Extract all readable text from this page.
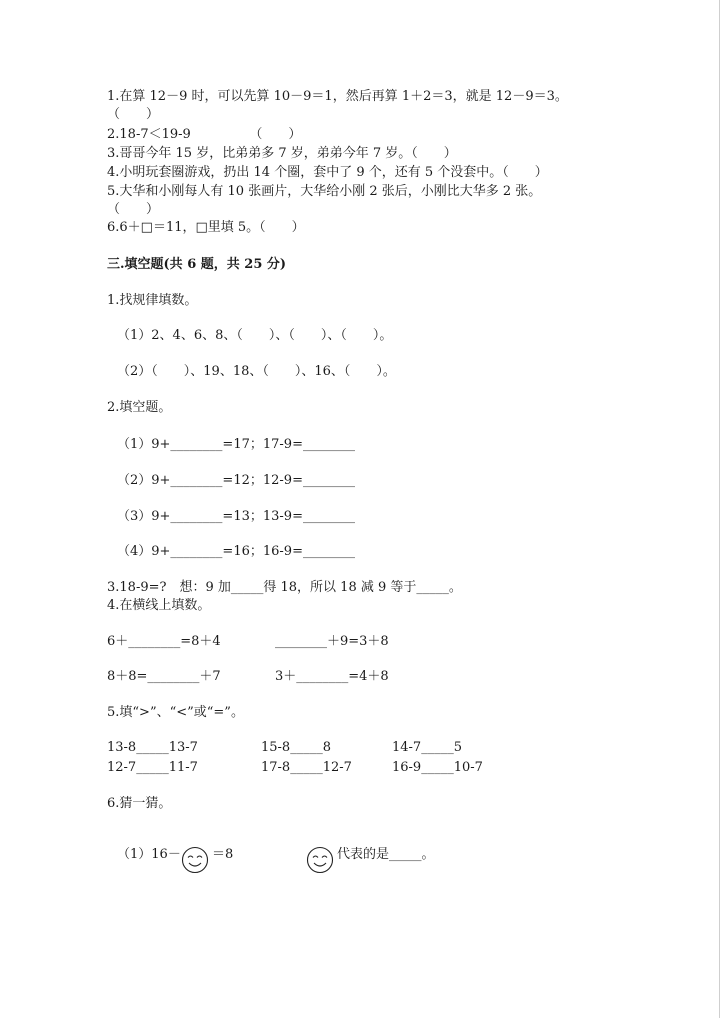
1.在算 12－9 时，可以先算 10－9＝1，然后再算 1＋2＝3，就是 12－9＝3。
（　　）
2.18-7＜19-9　　　　　（　　）
3.哥哥今年 15 岁，比弟弟多 7 岁，弟弟今年 7 岁。（　　）
4.小明玩套圈游戏，扔出 14 个圈，套中了 9 个，还有 5 个没套中。（　　）
5.大华和小刚每人有 10 张画片，大华给小刚 2 张后，小刚比大华多 2 张。
（　　）
6.6＋□＝11，□里填 5。（　　）
三.填空题(共 6 题，共 25 分)
1.找规律填数。
（1）2、4、6、8、（　　）、（　　）、（　　）。
（2）（　　）、19、18、（　　）、16、（　　）。
2.填空题。
（1）9+________=17；17-9=________
（2）9+________=12；12-9=________
（3）9+________=13；13-9=________
（4）9+________=16；16-9=________
3.18-9=?　想：9 加_____得 18，所以 18 减 9 等于_____。
4.在横线上填数。
6＋________=8＋4	________＋9=3＋8
8＋8=________＋7	3＋________=4＋8
5.填“>”、“<”或“=”。
13-8_____13-7	15-8_____8	14-7_____5
12-7_____11-7	17-8_____12-7	16-9_____10-7
6.猜一猜。
（1）16－ ＝8	代表的是_____。
